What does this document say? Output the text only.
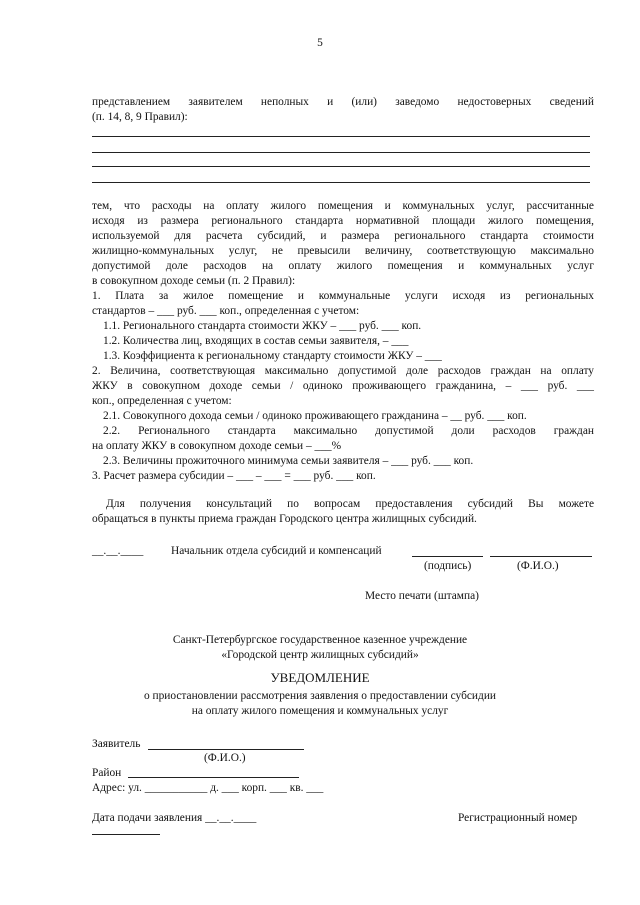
5
представлением заявителем неполных и (или) заведомо недостоверных сведений
(п. 14, 8, 9 Правил):
тем, что расходы на оплату жилого помещения и коммунальных услуг, рассчитанные
исходя из размера регионального стандарта нормативной площади жилого помещения,
используемой для расчета субсидий, и размера регионального стандарта стоимости
жилищно-коммунальных услуг, не превысили величину, соответствующую максимально
допустимой доле расходов на оплату жилого помещения и коммунальных услуг
в совокупном доходе семьи (п. 2 Правил):
1. Плата за жилое помещение и коммунальные услуги исходя из региональных
стандартов – ___ руб. ___ коп., определенная с учетом:
1.1. Регионального стандарта стоимости ЖКУ – ___ руб. ___ коп.
1.2. Количества лиц, входящих в состав семьи заявителя, – ___
1.3. Коэффициента к региональному стандарту стоимости ЖКУ – ___
2. Величина, соответствующая максимально допустимой доле расходов граждан на оплату
ЖКУ в совокупном доходе семьи / одиноко проживающего гражданина, – ___ руб. ___
коп., определенная с учетом:
2.1. Совокупного дохода семьи / одиноко проживающего гражданина – __ руб. ___ коп.
2.2. Регионального стандарта максимально допустимой доли расходов граждан
на оплату ЖКУ в совокупном доходе семьи – ___%
2.3. Величины прожиточного минимума семьи заявителя – ___ руб. ___ коп.
3. Расчет размера субсидии – ___ – ___ = ___ руб. ___ коп.
Для получения консультаций по вопросам предоставления субсидий Вы можете
обращаться в пункты приема граждан Городского центра жилищных субсидий.
__.__.____ Начальник отдела субсидий и компенсаций
(подпись)	(Ф.И.О.)
Место печати (штампа)
Санкт-Петербургское государственное казенное учреждение
«Городской центр жилищных субсидий»
УВЕДОМЛЕНИЕ
о приостановлении рассмотрения заявления о предоставлении субсидии
на оплату жилого помещения и коммунальных услуг
Заявитель
(Ф.И.О.)
Район
Адрес: ул. ___________ д. ___ корп. ___ кв. ___
Дата подачи заявления __.__.____	Регистрационный номер
